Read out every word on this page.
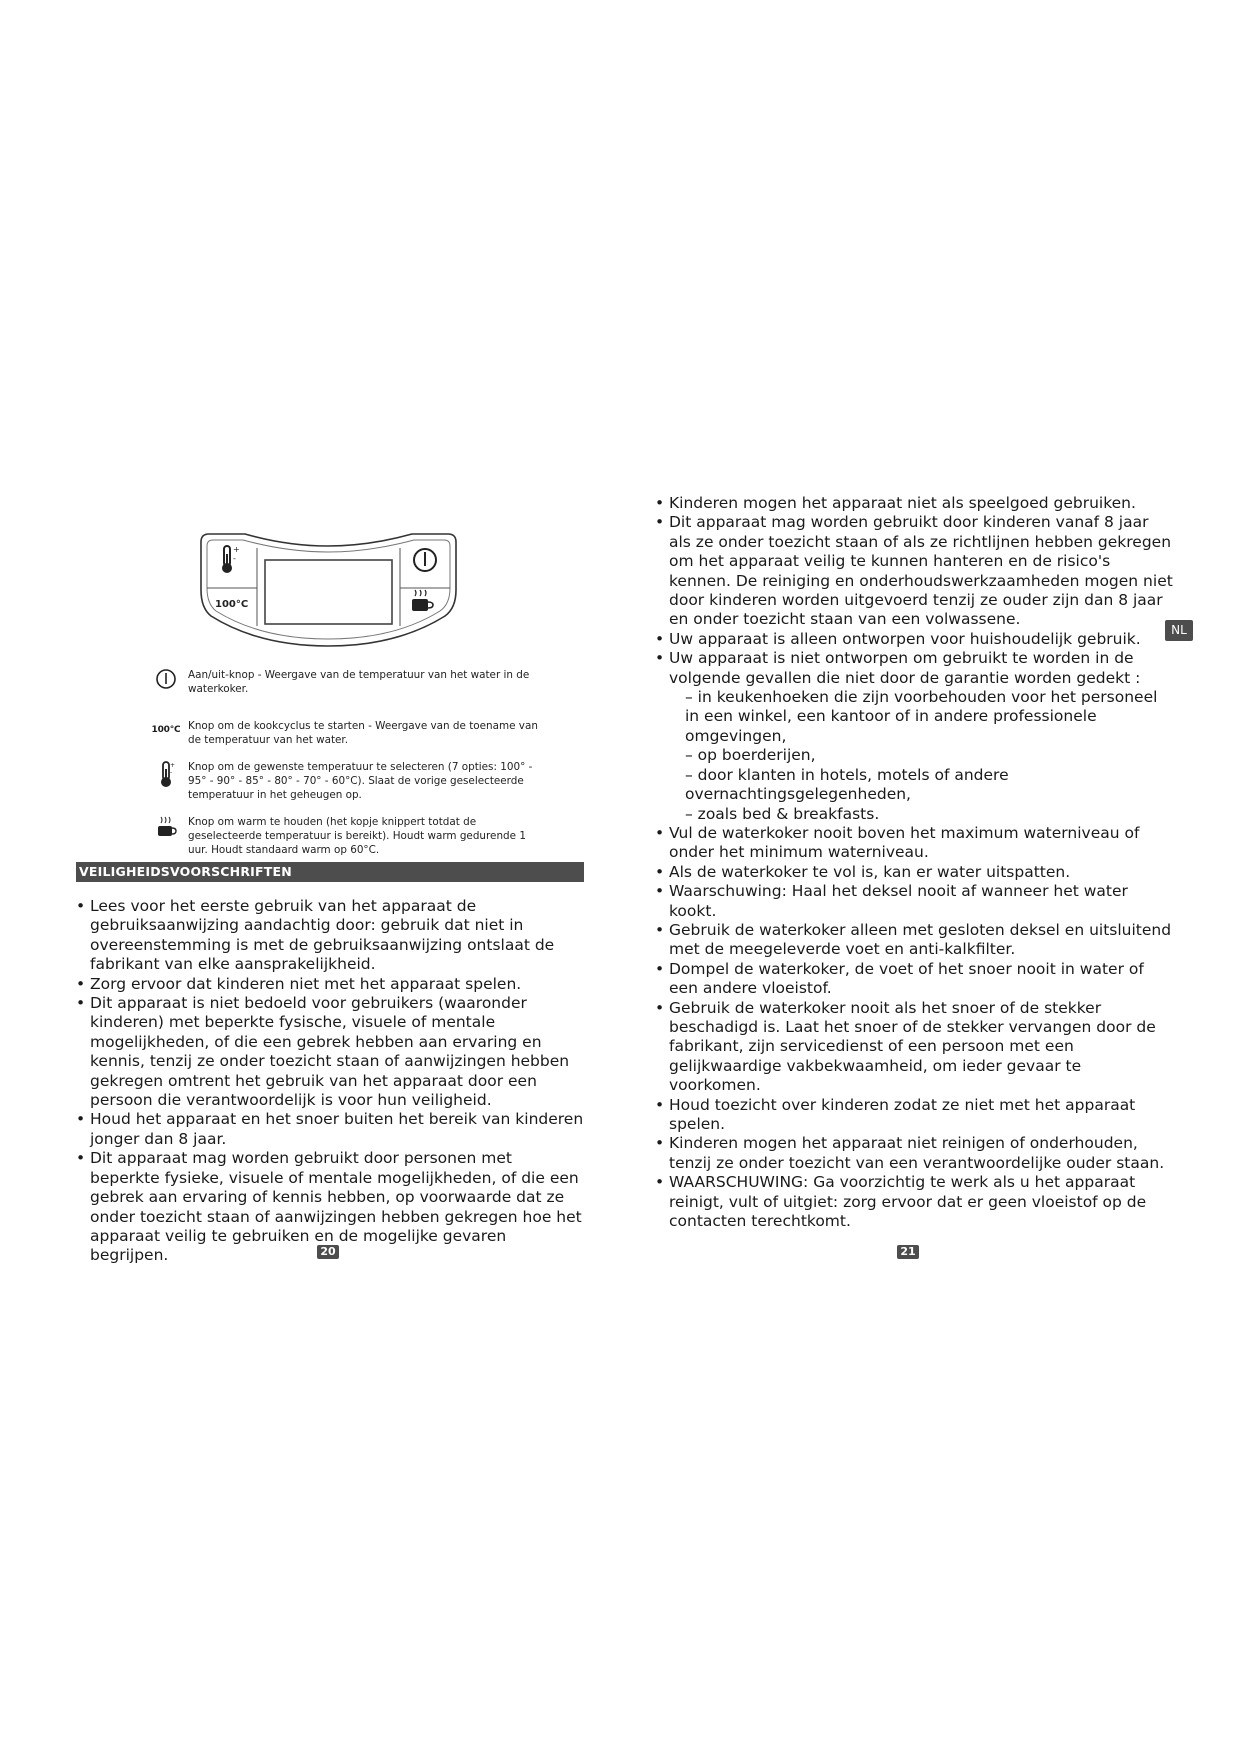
+
-
100°C
Aan/uit-knop - Weergave van de temperatuur van het water in de waterkoker.
100°C Knop om de kookcyclus te starten - Weergave van de toename van de temperatuur van het water.
+
- Knop om de gewenste temperatuur te selecteren (7 opties: 100° - 95° - 90° - 85° - 80° - 70° - 60°C). Slaat de vorige geselecteerde temperatuur in het geheugen op.
Knop om warm te houden (het kopje knippert totdat de geselecteerde temperatuur is bereikt). Houdt warm gedurende 1 uur. Houdt standaard warm op 60°C.
VEILIGHEIDSVOORSCHRIFTEN
• Lees voor het eerste gebruik van het apparaat de gebruiksaanwijzing aandachtig door: gebruik dat niet in overeenstemming is met de gebruiksaanwijzing ontslaat de fabrikant van elke aansprakelijkheid.
• Zorg ervoor dat kinderen niet met het apparaat spelen.
• Dit apparaat is niet bedoeld voor gebruikers (waaronder kinderen) met beperkte fysische, visuele of mentale mogelijkheden, of die een gebrek hebben aan ervaring en kennis, tenzij ze onder toezicht staan of aanwijzingen hebben gekregen omtrent het gebruik van het apparaat door een persoon die verantwoordelijk is voor hun veiligheid.
• Houd het apparaat en het snoer buiten het bereik van kinderen jonger dan 8 jaar.
• Dit apparaat mag worden gebruikt door personen met beperkte fysieke, visuele of mentale mogelijkheden, of die een gebrek aan ervaring of kennis hebben, op voorwaarde dat ze onder toezicht staan of aanwijzingen hebben gekregen hoe het apparaat veilig te gebruiken en de mogelijke gevaren begrijpen.
• Kinderen mogen het apparaat niet als speelgoed gebruiken.
• Dit apparaat mag worden gebruikt door kinderen vanaf 8 jaar als ze onder toezicht staan of als ze richtlijnen hebben gekregen om het apparaat veilig te kunnen hanteren en de risico's kennen. De reiniging en onderhoudswerkzaamheden mogen niet door kinderen worden uitgevoerd tenzij ze ouder zijn dan 8 jaar en onder toezicht staan van een volwassene.
• Uw apparaat is alleen ontworpen voor huishoudelijk gebruik.
• Uw apparaat is niet ontworpen om gebruikt te worden in de volgende gevallen die niet door de garantie worden gedekt :
– in keukenhoeken die zijn voorbehouden voor het personeel in een winkel, een kantoor of in andere professionele omgevingen,
– op boerderijen,
– door klanten in hotels, motels of andere overnachtingsgelegenheden,
– zoals bed & breakfasts.
• Vul de waterkoker nooit boven het maximum waterniveau of onder het minimum waterniveau.
• Als de waterkoker te vol is, kan er water uitspatten.
• Waarschuwing: Haal het deksel nooit af wanneer het water kookt.
• Gebruik de waterkoker alleen met gesloten deksel en uitsluitend met de meegeleverde voet en anti-kalkfilter.
• Dompel de waterkoker, de voet of het snoer nooit in water of een andere vloeistof.
• Gebruik de waterkoker nooit als het snoer of de stekker beschadigd is. Laat het snoer of de stekker vervangen door de fabrikant, zijn servicedienst of een persoon met een gelijkwaardige vakbekwaamheid, om ieder gevaar te voorkomen.
• Houd toezicht over kinderen zodat ze niet met het apparaat spelen.
• Kinderen mogen het apparaat niet reinigen of onderhouden, tenzij ze onder toezicht van een verantwoordelijke ouder staan.
• WAARSCHUWING: Ga voorzichtig te werk als u het apparaat reinigt, vult of uitgiet: zorg ervoor dat er geen vloeistof op de contacten terechtkomt.
NL
20	21
